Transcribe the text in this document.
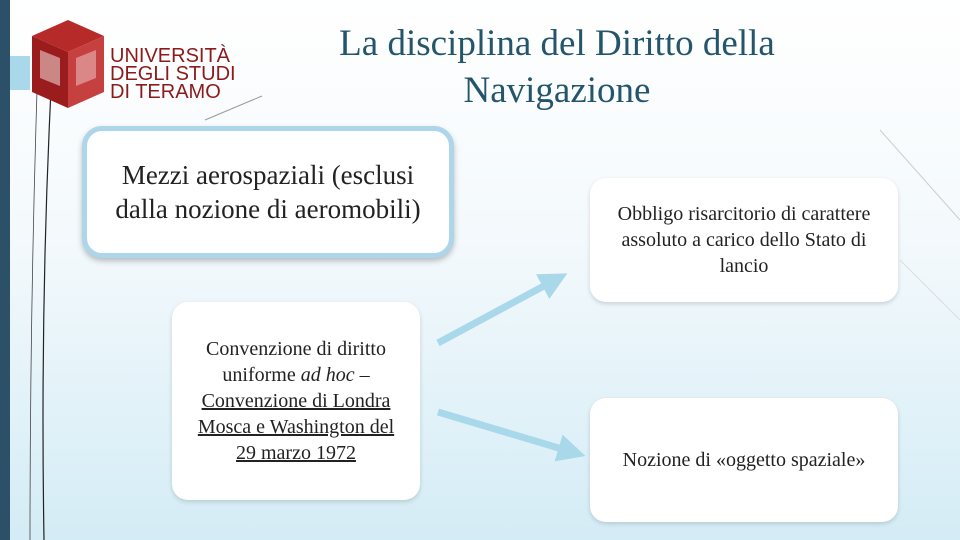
UNIVERSITÀ
DEGLI STUDI
DI TERAMO
La disciplina del Diritto della
Navigazione
Mezzi aerospaziali (esclusi dalla nozione di aeromobili)
Convenzione di diritto uniforme ad hoc – Convenzione di Londra Mosca e Washington del 29 marzo 1972
Obbligo risarcitorio di carattere assoluto a carico dello Stato di lancio
Nozione di «oggetto spaziale»
